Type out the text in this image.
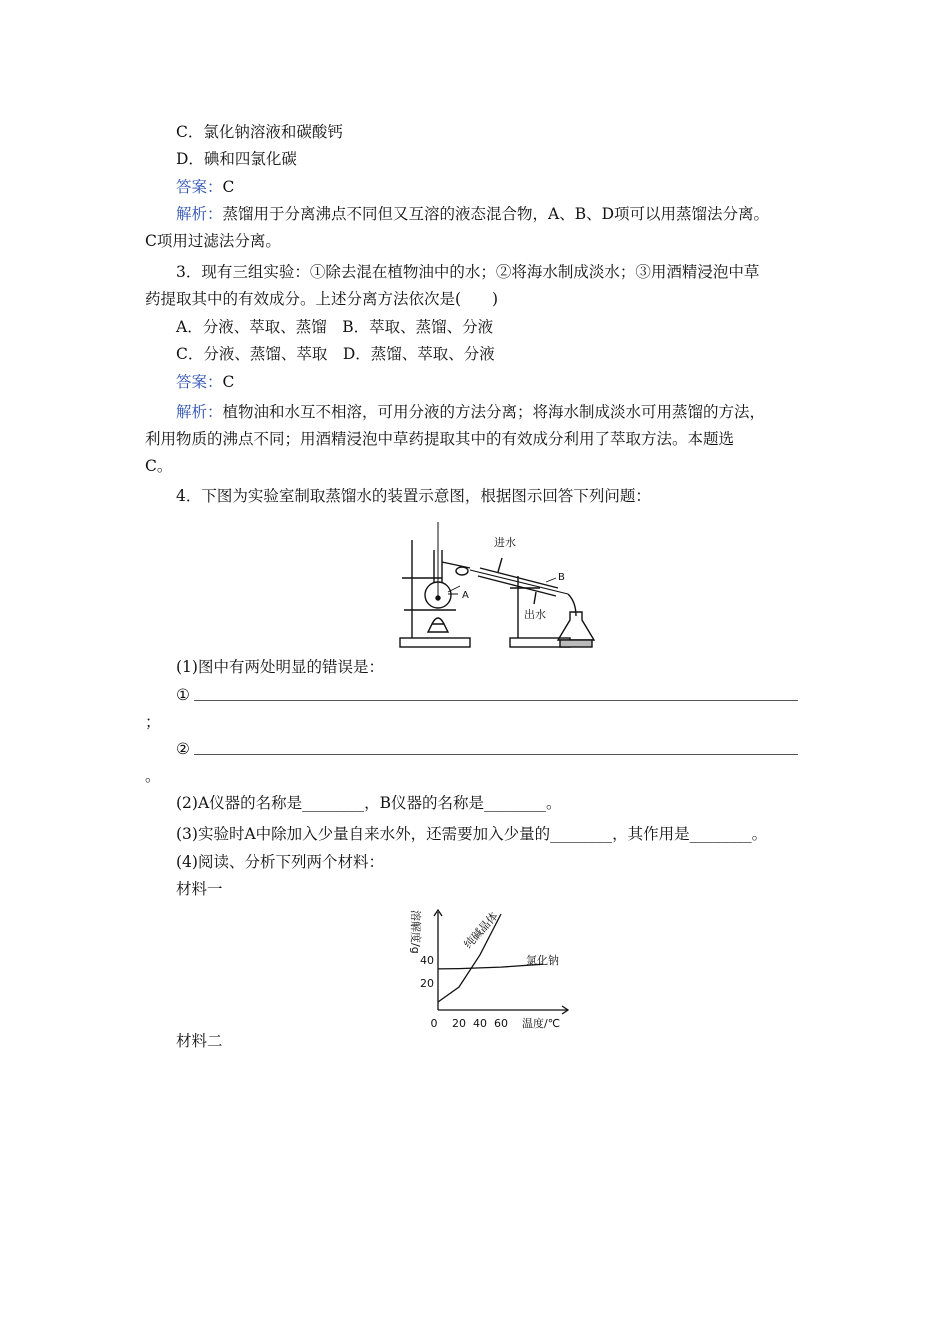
C．氯化钠溶液和碳酸钙
D．碘和四氯化碳
答案：C
解析：蒸馏用于分离沸点不同但又互溶的液态混合物，A、B、D项可以用蒸馏法分离。
C项用过滤法分离。
3．现有三组实验：①除去混在植物油中的水；②将海水制成淡水；③用酒精浸泡中草
药提取其中的有效成分。上述分离方法依次是(　　)
A．分液、萃取、蒸馏　B．萃取、蒸馏、分液
C．分液、蒸馏、萃取　D．蒸馏、萃取、分液
答案：C
解析：植物油和水互不相溶，可用分液的方法分离；将海水制成淡水可用蒸馏的方法，
利用物质的沸点不同；用酒精浸泡中草药提取其中的有效成分利用了萃取方法。本题选
C。
4．下图为实验室制取蒸馏水的装置示意图，根据图示回答下列问题：
进水
出水
A
B
(1)图中有两处明显的错误是：
①
；
②
。
(2)A仪器的名称是________，B仪器的名称是________。
(3)实验时A中除加入少量自来水外，还需要加入少量的________，其作用是________。
(4)阅读、分析下列两个材料：
材料一
溶解度/g
温度/℃
0 20 40 60
20
40	氯化钠
纯碱晶体
材料二
